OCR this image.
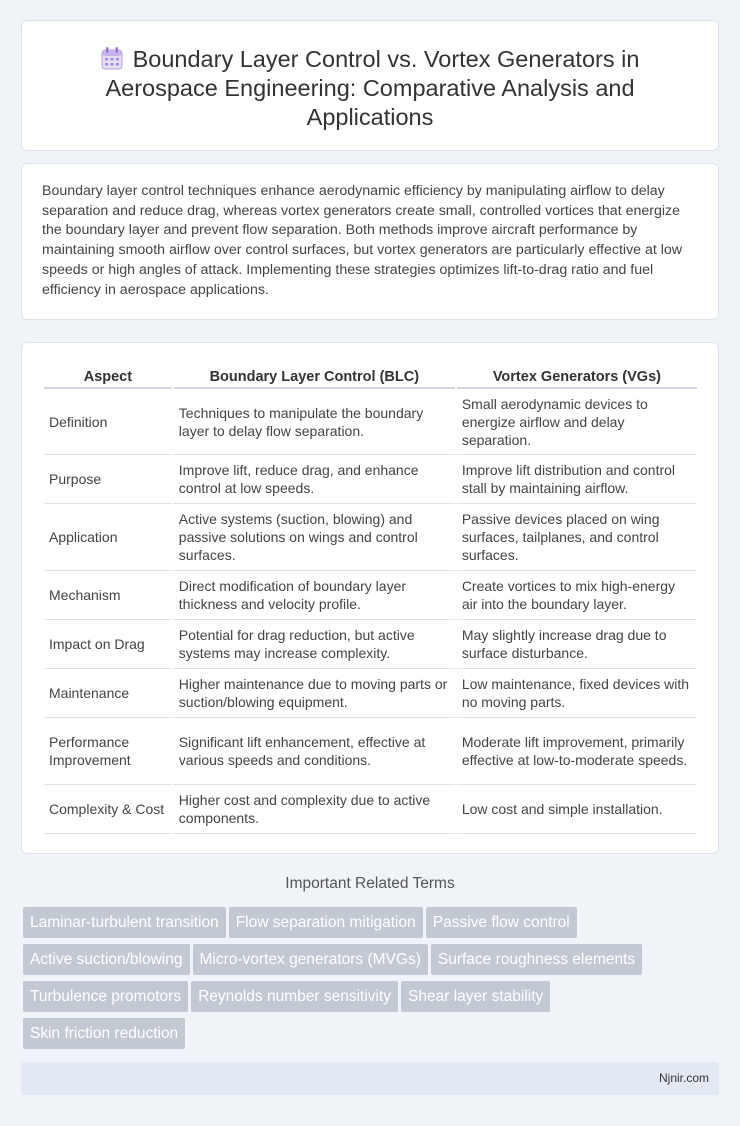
Boundary Layer Control vs. Vortex Generators in Aerospace Engineering: Comparative Analysis and Applications

Boundary layer control techniques enhance aerodynamic efficiency by manipulating airflow to delay separation and reduce drag, whereas vortex generators create small, controlled vortices that energize the boundary layer and prevent flow separation. Both methods improve aircraft performance by maintaining smooth airflow over control surfaces, but vortex generators are particularly effective at low speeds or high angles of attack. Implementing these strategies optimizes lift-to-drag ratio and fuel efficiency in aerospace applications.

Aspect	Boundary Layer Control (BLC)	Vortex Generators (VGs)
Definition	Techniques to manipulate the boundary layer to delay flow separation.	Small aerodynamic devices to energize airflow and delay separation.
Purpose	Improve lift, reduce drag, and enhance control at low speeds.	Improve lift distribution and control stall by maintaining airflow.
Application	Active systems (suction, blowing) and passive solutions on wings and control surfaces.	Passive devices placed on wing surfaces, tailplanes, and control surfaces.
Mechanism	Direct modification of boundary layer thickness and velocity profile.	Create vortices to mix high-energy air into the boundary layer.
Impact on Drag	Potential for drag reduction, but active systems may increase complexity.	May slightly increase drag due to surface disturbance.
Maintenance	Higher maintenance due to moving parts or suction/blowing equipment.	Low maintenance, fixed devices with no moving parts.
Performance Improvement	Significant lift enhancement, effective at various speeds and conditions.	Moderate lift improvement, primarily effective at low-to-moderate speeds.
Complexity & Cost	Higher cost and complexity due to active components.	Low cost and simple installation.
Important Related Terms
Laminar-turbulent transition Flow separation mitigation Passive flow control
Active suction/blowing Micro-vortex generators (MVGs) Surface roughness elements
Turbulence promotors Reynolds number sensitivity Shear layer stability
Skin friction reduction
Njnir.com
